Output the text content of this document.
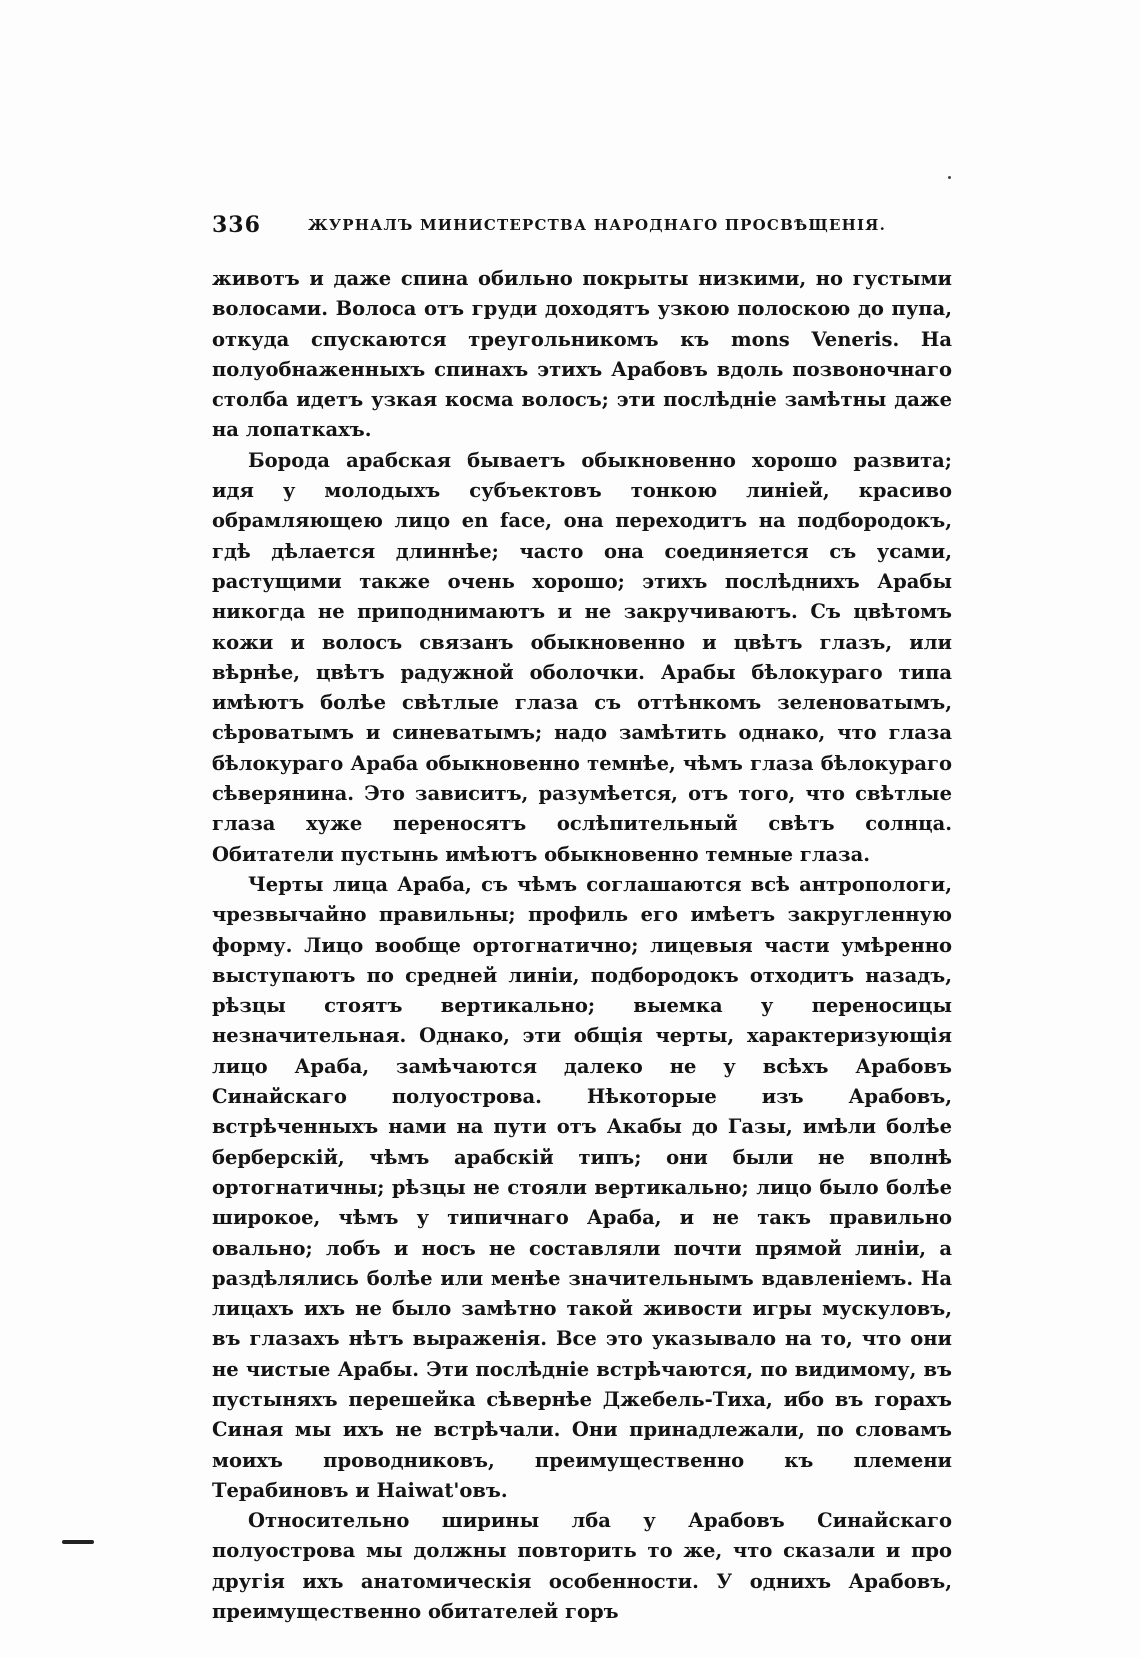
336	ЖУРНАЛЪ МИНИСТЕРСТВА НАРОДНАГО ПРОСВѢЩЕНІЯ.

животъ и даже спина обильно покрыты низкими, но густыми волосами. Волоса отъ груди доходятъ узкою полоскою до пупа, откуда спускаются треугольникомъ къ mons Veneris. На полуобнаженныхъ спинахъ этихъ Арабовъ вдоль позвоночнаго столба идетъ узкая косма волосъ; эти послѣдніе замѣтны даже на лопаткахъ.

Борода арабская бываетъ обыкновенно хорошо развита; идя у молодыхъ субъектовъ тонкою линіей, красиво обрамляющею лицо en face, она переходитъ на подбородокъ, гдѣ дѣлается длиннѣе; часто она соединяется съ усами, растущими также очень хорошо; этихъ послѣднихъ Арабы никогда не приподнимаютъ и не закручиваютъ. Съ цвѣтомъ кожи и волосъ связанъ обыкновенно и цвѣтъ глазъ, или вѣрнѣе, цвѣтъ радужной оболочки. Арабы бѣлокураго типа имѣютъ болѣе свѣтлые глаза съ оттѣнкомъ зеленоватымъ, сѣроватымъ и синеватымъ; надо замѣтить однако, что глаза бѣлокураго Араба обыкновенно темнѣе, чѣмъ глаза бѣлокураго сѣверянина. Это зависитъ, разумѣется, отъ того, что свѣтлые глаза хуже переносятъ ослѣпительный свѣтъ солнца. Обитатели пустынь имѣютъ обыкновенно темные глаза.

Черты лица Араба, съ чѣмъ соглашаются всѣ антропологи, чрезвычайно правильны; профиль его имѣетъ закругленную форму. Лицо вообще ортогнатично; лицевыя части умѣренно выступаютъ по средней линіи, подбородокъ отходитъ назадъ, рѣзцы стоятъ вертикально; выемка у переносицы незначительная. Однако, эти общія черты, характеризующія лицо Араба, замѣчаются далеко не у всѣхъ Арабовъ Синайскаго полуострова. Нѣкоторые изъ Арабовъ, встрѣченныхъ нами на пути отъ Акабы до Газы, имѣли болѣе берберскій, чѣмъ арабскій типъ; они были не вполнѣ ортогнатичны; рѣзцы не стояли вертикально; лицо было болѣе широкое, чѣмъ у типичнаго Араба, и не такъ правильно овально; лобъ и носъ не составляли почти прямой линіи, а раздѣлялись болѣе или менѣе значительнымъ вдавленіемъ. На лицахъ ихъ не было замѣтно такой живости игры мускуловъ, въ глазахъ нѣтъ выраженія. Все это указывало на то, что они не чистые Арабы. Эти послѣдніе встрѣчаются, по видимому, въ пустыняхъ перешейка сѣвернѣе Джебель-Тиха, ибо въ горахъ Синая мы ихъ не встрѣчали. Они принадлежали, по словамъ моихъ проводниковъ, преимущественно къ племени Терабиновъ и Haiwat'овъ.

Относительно ширины лба у Арабовъ Синайскаго полуострова мы должны повторить то же, что сказали и про другія ихъ анатомическія особенности. У однихъ Арабовъ, преимущественно обитателей горъ
